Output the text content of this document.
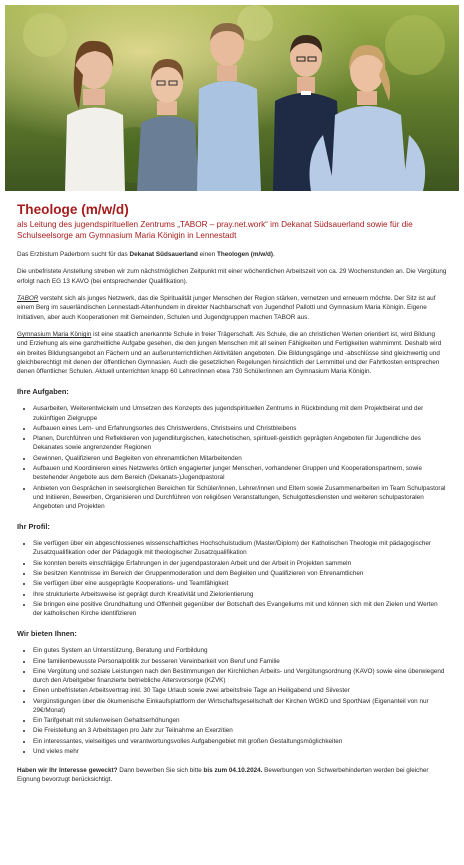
Theologe (m/w/d)
als Leitung des jugendspirituellen Zentrums „TABOR – pray.net.work“ im Dekanat Südsauerland sowie für die Schulseelsorge am Gymnasium Maria Königin in Lennestadt

Das Erzbistum Paderborn sucht für das Dekanat Südsauerland einen Theologen (m/w/d).

Die unbefristete Anstellung streben wir zum nächstmöglichen Zeitpunkt mit einer wöchentlichen Arbeitszeit von ca. 29 Wochenstunden an. Die Vergütung erfolgt nach EG 13 KAVO (bei entsprechender Qualifikation).

TABOR versteht sich als junges Netzwerk, das die Spiritualität junger Menschen der Region stärken, vernetzen und erneuern möchte. Der Sitz ist auf einem Berg im sauerländischen Lennestadt-Altenhundem in direkter Nachbarschaft von Jugendhof Pallotti und Gymnasium Maria Königin. Eigene Initiativen, aber auch Kooperationen mit Gemeinden, Schulen und Jugendgruppen machen TABOR aus.

Gymnasium Maria Königin ist eine staatlich anerkannte Schule in freier Trägerschaft. Als Schule, die an christlichen Werten orientiert ist, wird Bildung und Erziehung als eine ganzheitliche Aufgabe gesehen, die den jungen Menschen mit all seinen Fähigkeiten und Fertigkeiten wahrnimmt. Deshalb wird ein breites Bildungsangebot an Fächern und an außerunterrichtlichen Aktivitäten angeboten. Die Bildungsgänge und -abschlüsse sind gleichwertig und gleichberechtigt mit denen der öffentlichen Gymnasien. Auch die gesetzlichen Regelungen hinsichtlich der Lernmittel und der Fahrtkosten entsprechen denen öffentlicher Schulen. Aktuell unterrichten knapp 60 Lehrer/innen etwa 730 Schüler/innen am Gymnasium Maria Königin.

Ihre Aufgaben:
• Ausarbeiten, Weiterentwickeln und Umsetzen des Konzepts des jugendspirituellen Zentrums in Rückbindung mit dem Projektbeirat und der zukünftigen Zielgruppe
• Aufbauen eines Lern- und Erfahrungsortes des Christwerdens, Christseins und Christbleibens
• Planen, Durchführen und Reflektieren von jugendliturgischen, katechetischen, spirituell-geistlich geprägten Angeboten für Jugendliche des Dekanates sowie angrenzender Regionen
• Gewinnen, Qualifizieren und Begleiten von ehrenamtlichen Mitarbeitenden
• Aufbauen und Koordinieren eines Netzwerks örtlich engagierter junger Menschen, vorhandener Gruppen und Kooperationspartnern, sowie bestehender Angebote aus dem Bereich (Dekanats-)Jugendpastoral
• Anbieten von Gesprächen in seelsorglichen Bereichen für Schüler/innen, Lehrer/innen und Eltern sowie Zusammenarbeiten im Team Schulpastoral und Initiieren, Bewerben, Organisieren und Durchführen von religiösen Veranstaltungen, Schulgottesdiensten und weiteren schulpastoralen Angeboten und Projekten
Ihr Profil:
• Sie verfügen über ein abgeschlossenes wissenschaftliches Hochschulstudium (Master/Diplom) der Katholischen Theologie mit pädagogischer Zusatzqualifikation oder der Pädagogik mit theologischer Zusatzqualifikation
• Sie konnten bereits einschlägige Erfahrungen in der jugendpastoralen Arbeit und der Arbeit in Projekten sammeln
• Sie besitzen Kenntnisse im Bereich der Gruppenmoderation und dem Begleiten und Qualifizieren von Ehrenamtlichen
• Sie verfügen über eine ausgeprägte Kooperations- und Teamfähigkeit
• Ihre strukturierte Arbeitsweise ist geprägt durch Kreativität und Zielorientierung
• Sie bringen eine positive Grundhaltung und Offenheit gegenüber der Botschaft des Evangeliums mit und können sich mit den Zielen und Werten der katholischen Kirche identifizieren
Wir bieten Ihnen:
• Ein gutes System an Unterstützung, Beratung und Fortbildung
• Eine familienbewusste Personalpolitik zur besseren Vereinbarkeit von Beruf und Familie
• Eine Vergütung und soziale Leistungen nach den Bestimmungen der Kirchlichen Arbeits- und Vergütungsordnung (KAVO) sowie eine überwiegend durch den Arbeitgeber finanzierte betriebliche Altersvorsorge (KZVK)
• Einen unbefristeten Arbeitsvertrag inkl. 30 Tage Urlaub sowie zwei arbeitsfreie Tage an Heiligabend und Silvester
• Vergünstigungen über die ökumenische Einkaufsplattform der Wirtschaftsgesellschaft der Kirchen WGKD und SportNavi (Eigenanteil von nur 29€/Monat)
• Ein Tarifgehalt mit stufenweisen Gehaltserhöhungen
• Die Freistellung an 3 Arbeitstagen pro Jahr zur Teilnahme an Exerzitien
• Ein interessantes, vielseitiges und verantwortungsvolles Aufgabengebiet mit großen Gestaltungsmöglichkeiten
• Und vieles mehr
Haben wir Ihr Interesse geweckt? Dann bewerben Sie sich bitte bis zum 04.10.2024. Bewerbungen von Schwerbehinderten werden bei gleicher Eignung bevorzugt berücksichtigt.
